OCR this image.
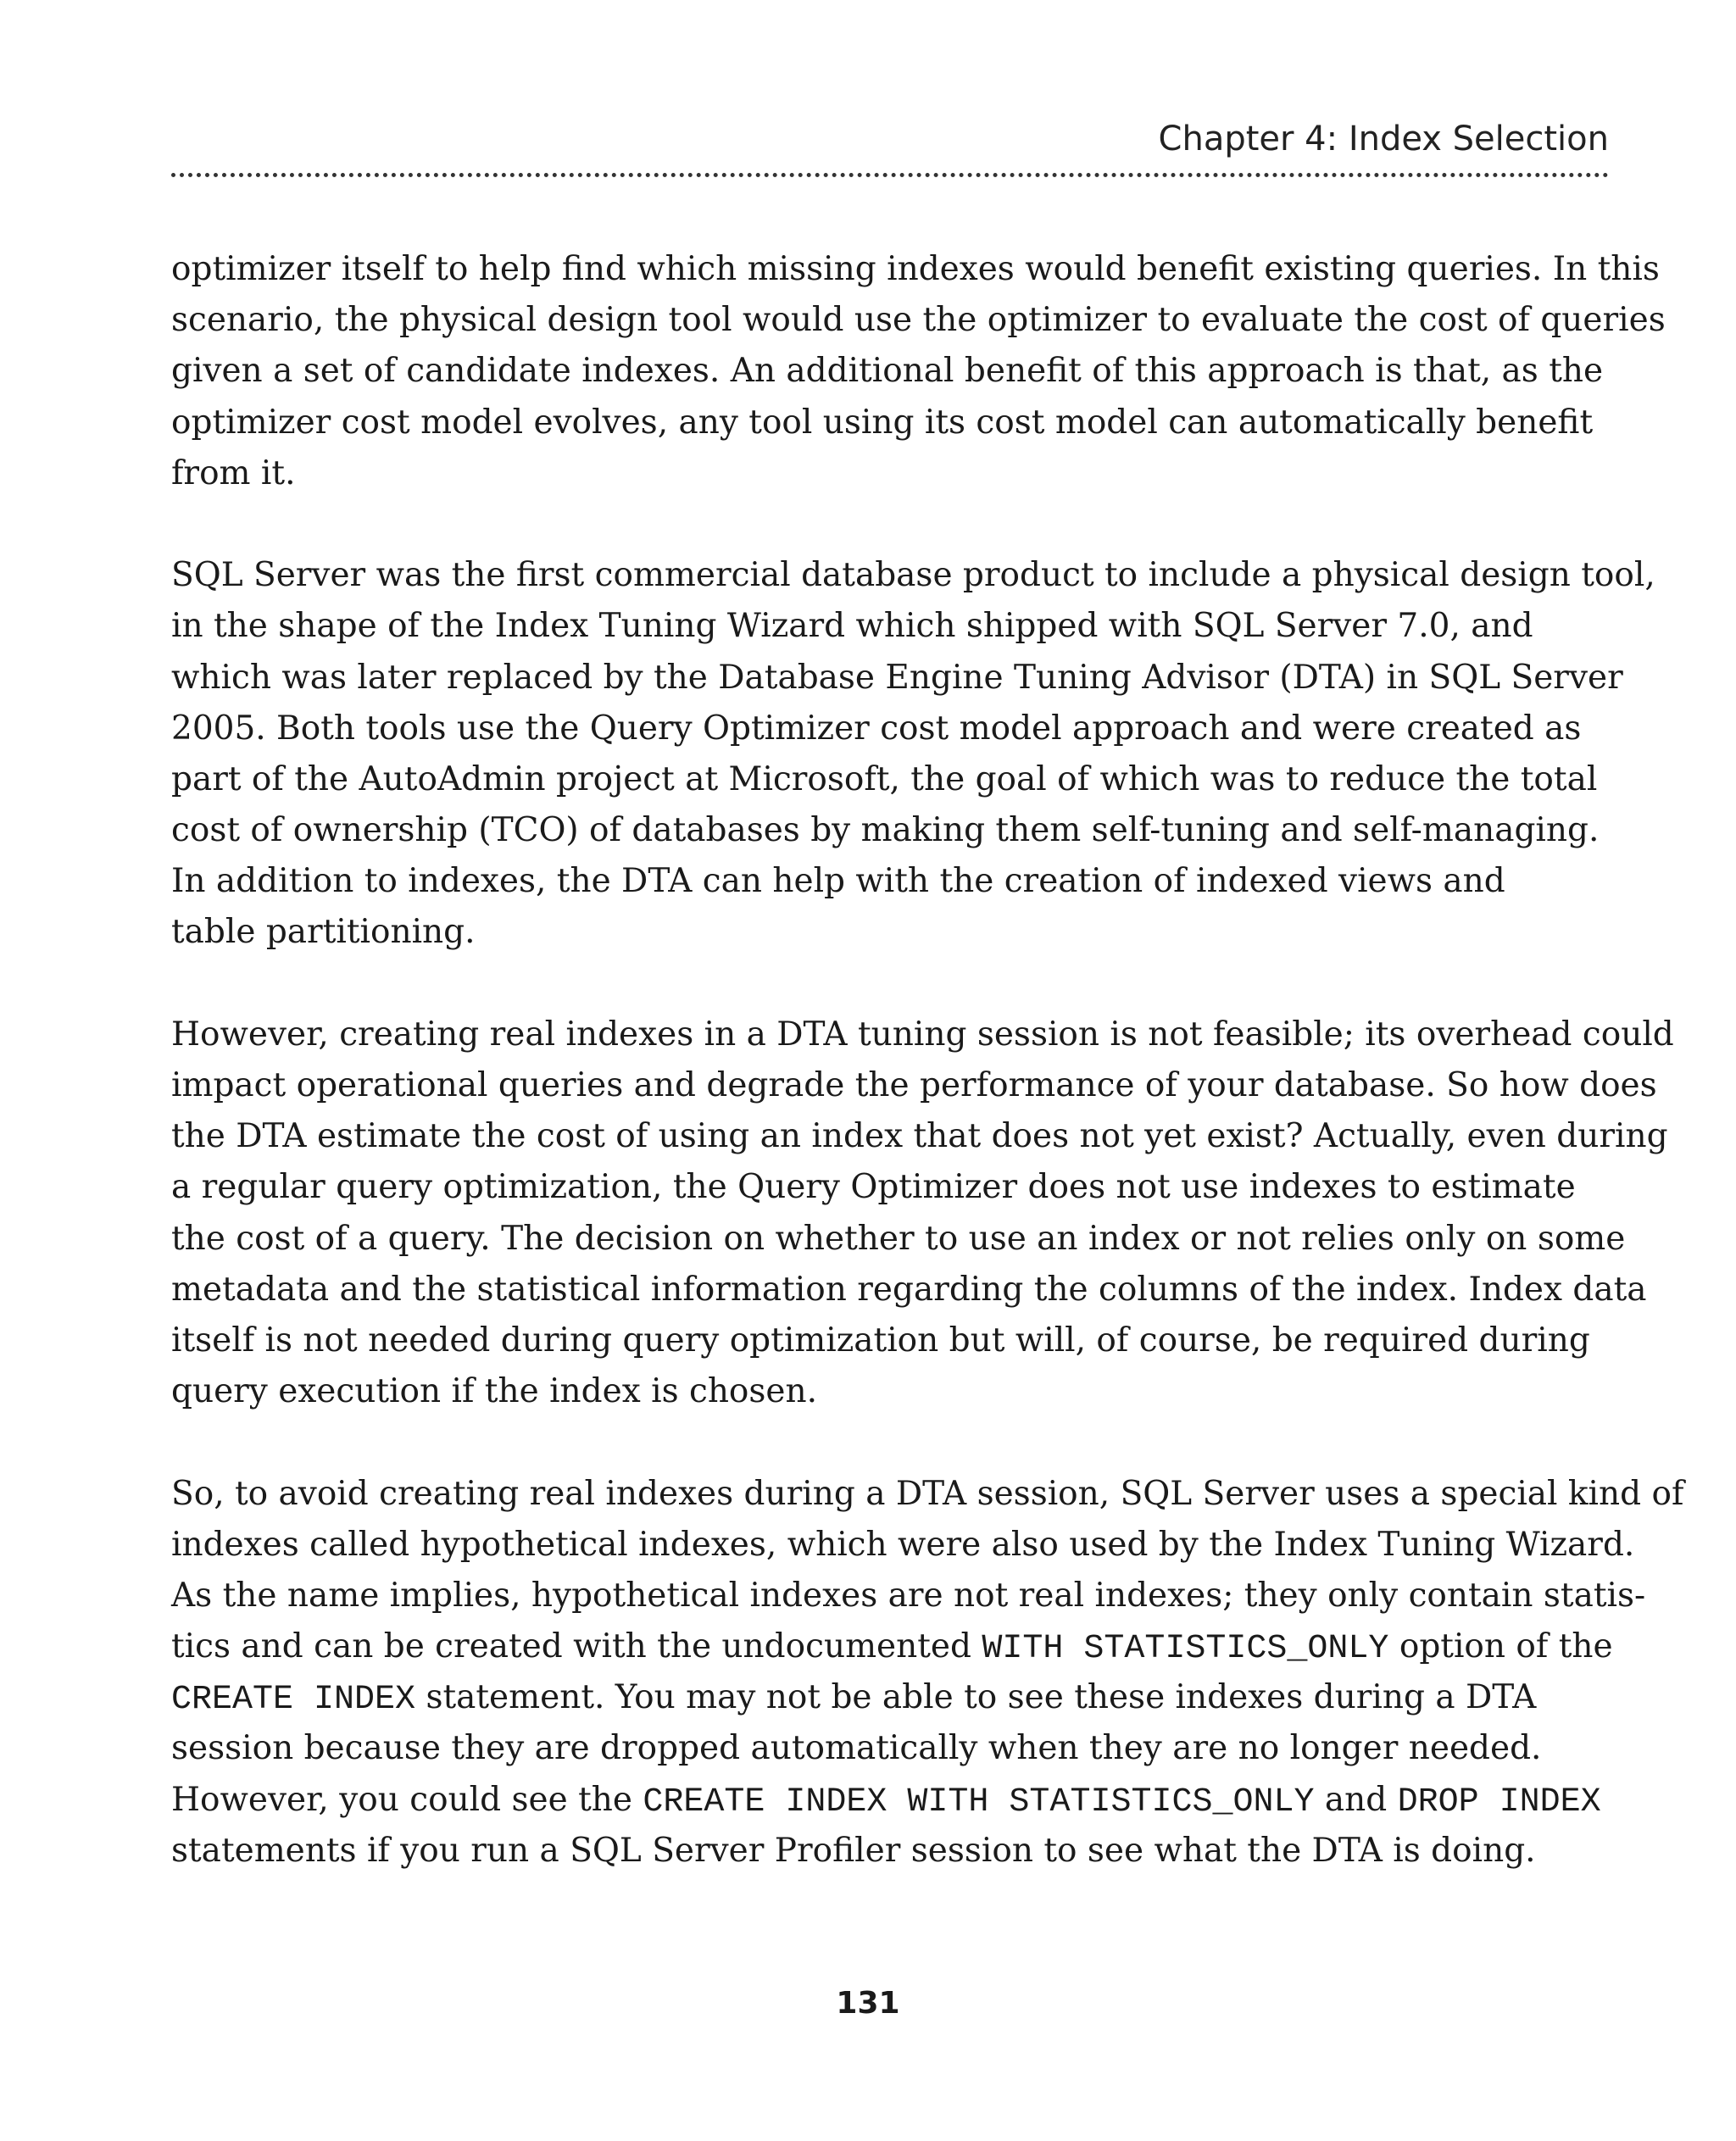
Chapter 4: Index Selection
optimizer itself to help find which missing indexes would benefit existing queries. In this
scenario, the physical design tool would use the optimizer to evaluate the cost of queries
given a set of candidate indexes. An additional benefit of this approach is that, as the
optimizer cost model evolves, any tool using its cost model can automatically benefit
from it.
SQL Server was the first commercial database product to include a physical design tool,
in the shape of the Index Tuning Wizard which shipped with SQL Server 7.0, and
which was later replaced by the Database Engine Tuning Advisor (DTA) in SQL Server
2005. Both tools use the Query Optimizer cost model approach and were created as
part of the AutoAdmin project at Microsoft, the goal of which was to reduce the total
cost of ownership (TCO) of databases by making them self-tuning and self-managing.
In addition to indexes, the DTA can help with the creation of indexed views and
table partitioning.
However, creating real indexes in a DTA tuning session is not feasible; its overhead could
impact operational queries and degrade the performance of your database. So how does
the DTA estimate the cost of using an index that does not yet exist? Actually, even during
a regular query optimization, the Query Optimizer does not use indexes to estimate
the cost of a query. The decision on whether to use an index or not relies only on some
metadata and the statistical information regarding the columns of the index. Index data
itself is not needed during query optimization but will, of course, be required during
query execution if the index is chosen.
So, to avoid creating real indexes during a DTA session, SQL Server uses a special kind of
indexes called hypothetical indexes, which were also used by the Index Tuning Wizard.
As the name implies, hypothetical indexes are not real indexes; they only contain statis-
tics and can be created with the undocumented WITH STATISTICS_ONLY option of the
CREATE INDEX statement. You may not be able to see these indexes during a DTA
session because they are dropped automatically when they are no longer needed.
However, you could see the CREATE INDEX WITH STATISTICS_ONLY and DROP INDEX
statements if you run a SQL Server Profiler session to see what the DTA is doing.
131
